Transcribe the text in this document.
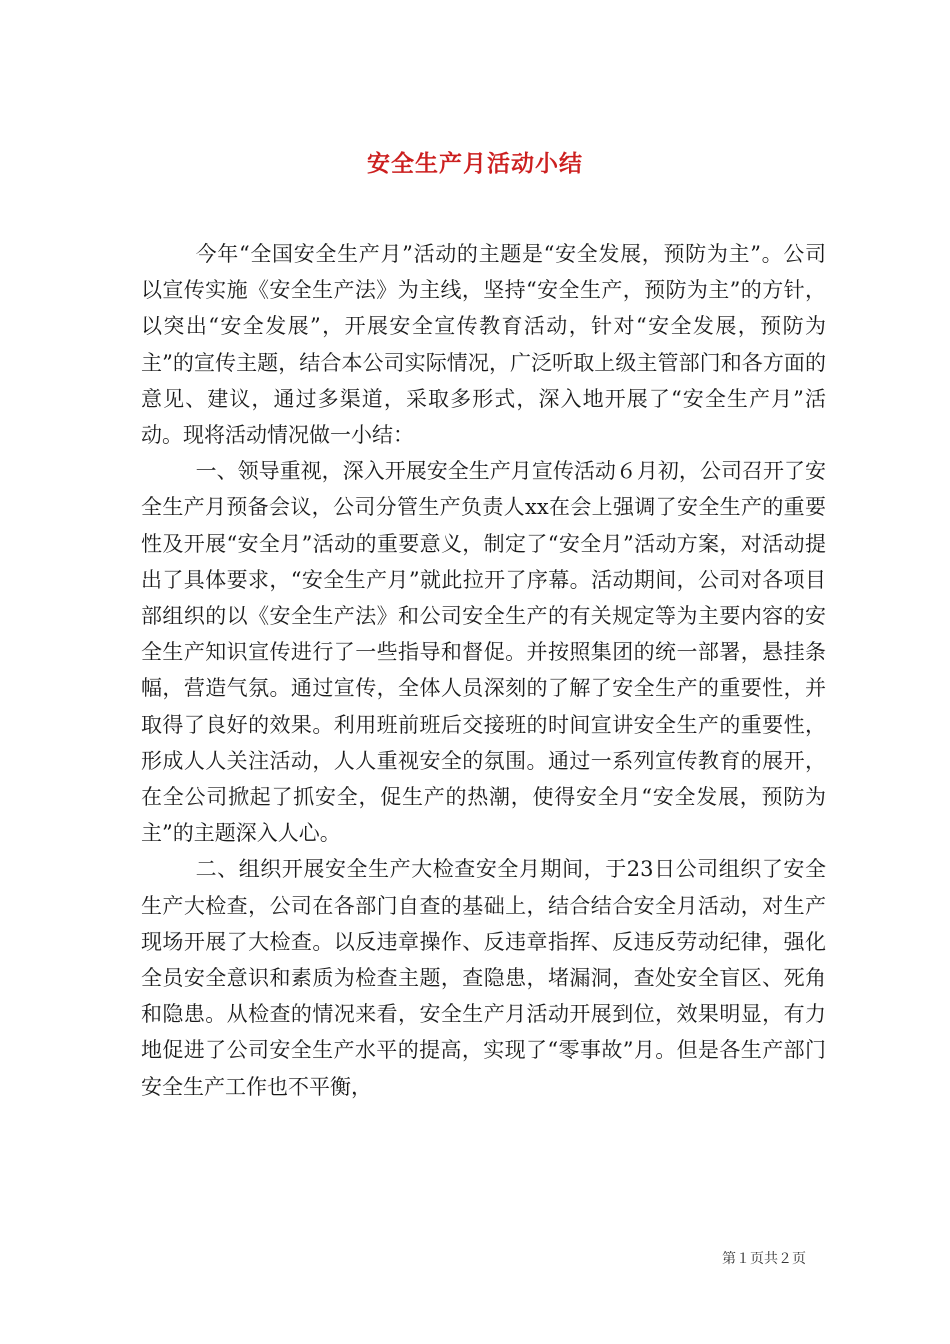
安全生产月活动小结

今年“全国安全生产月”活动的主题是“安全发展，预防为主”。公司以宣传实施《安全生产法》为主线，坚持“安全生产，预防为主”的方针，以突出“安全发展”，开展安全宣传教育活动，针对“安全发展，预防为主”的宣传主题，结合本公司实际情况，广泛听取上级主管部门和各方面的意见、建议，通过多渠道，采取多形式，深入地开展了“安全生产月”活动。现将活动情况做一小结：

一、领导重视，深入开展安全生产月宣传活动６月初，公司召开了安全生产月预备会议，公司分管生产负责人xx在会上强调了安全生产的重要性及开展“安全月”活动的重要意义，制定了“安全月”活动方案，对活动提出了具体要求，“安全生产月”就此拉开了序幕。活动期间，公司对各项目部组织的以《安全生产法》和公司安全生产的有关规定等为主要内容的安全生产知识宣传进行了一些指导和督促。并按照集团的统一部署，悬挂条幅，营造气氛。通过宣传，全体人员深刻的了解了安全生产的重要性，并取得了良好的效果。利用班前班后交接班的时间宣讲安全生产的重要性，形成人人关注活动，人人重视安全的氛围。通过一系列宣传教育的展开，在全公司掀起了抓安全，促生产的热潮，使得安全月“安全发展，预防为主”的主题深入人心。

二、组织开展安全生产大检查安全月期间，于23日公司组织了安全生产大检查，公司在各部门自查的基础上，结合结合安全月活动，对生产现场开展了大检查。以反违章操作、反违章指挥、反违反劳动纪律，强化全员安全意识和素质为检查主题，查隐患，堵漏洞，查处安全盲区、死角和隐患。从检查的情况来看，安全生产月活动开展到位，效果明显，有力地促进了公司安全生产水平的提高，实现了“零事故”月。但是各生产部门安全生产工作也不平衡，

第１页共２页
